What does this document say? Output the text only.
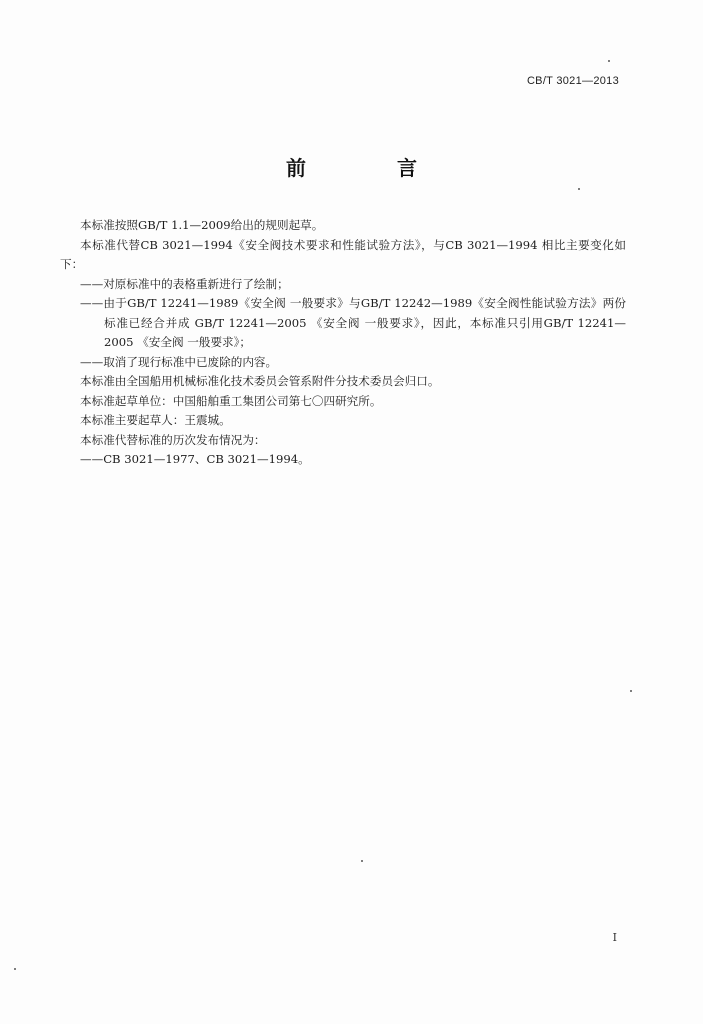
CB/T 3021—2013
前 言

本标准按照GB/T 1.1—2009给出的规则起草。

本标准代替CB 3021—1994《安全阀技术要求和性能试验方法》，与CB 3021—1994 相比主要变化如下：

——对原标准中的表格重新进行了绘制；

——由于GB/T 12241—1989《安全阀 一般要求》与GB/T 12242—1989《安全阀性能试验方法》两份标准已经合并成 GB/T 12241—2005 《安全阀 一般要求》，因此，本标准只引用GB/T 12241—2005 《安全阀 一般要求》；

——取消了现行标准中已废除的内容。

本标准由全国船用机械标准化技术委员会管系附件分技术委员会归口。

本标准起草单位：中国船舶重工集团公司第七〇四研究所。

本标准主要起草人：王震城。

本标准代替标准的历次发布情况为：

——CB 3021—1977、CB 3021—1994。

I
